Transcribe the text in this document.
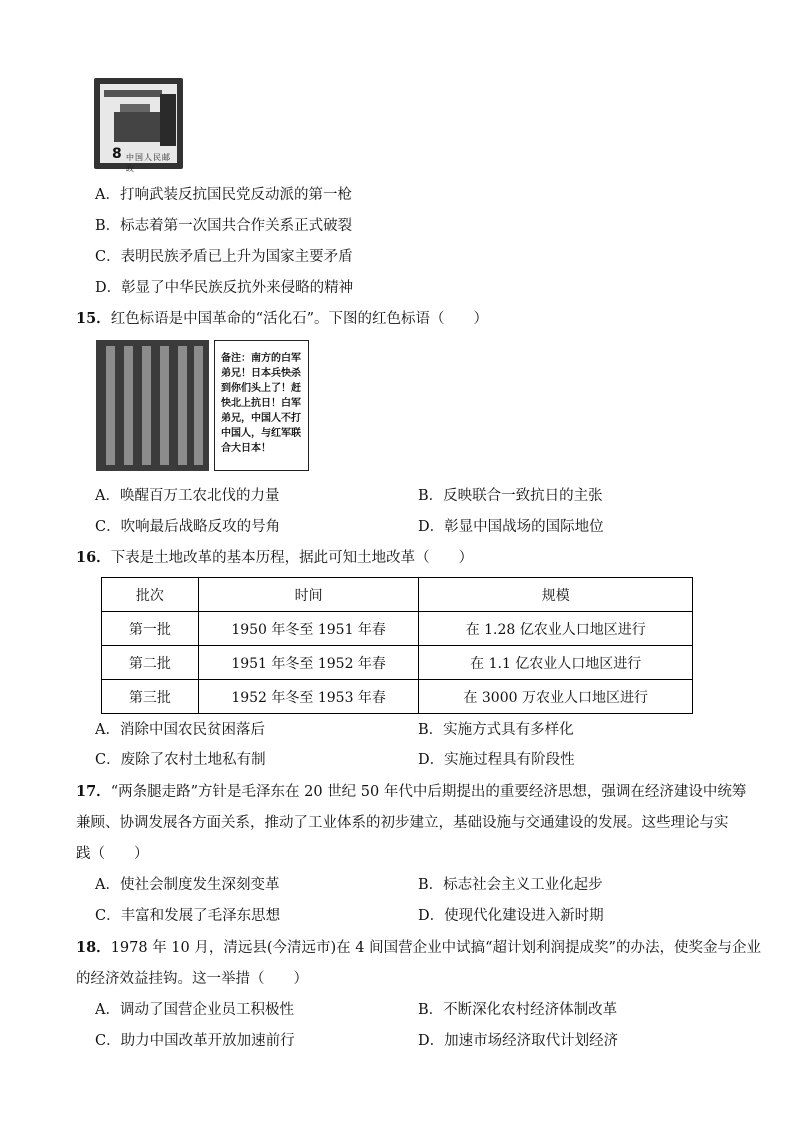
8 中国人民邮政
A．打响武装反抗国民党反动派的第一枪
B．标志着第一次国共合作关系正式破裂
C．表明民族矛盾已上升为国家主要矛盾
D．彰显了中华民族反抗外来侵略的精神
15．红色标语是中国革命的“活化石”。下图的红色标语（　　）
备注：南方的白军弟兄！日本兵快杀到你们头上了！赶快北上抗日！白军弟兄，中国人不打中国人，与红军联合大日本！
A．唤醒百万工农北伐的力量	B．反映联合一致抗日的主张
C．吹响最后战略反攻的号角	D．彰显中国战场的国际地位
16．下表是土地改革的基本历程，据此可知土地改革（　　）
批次	时间	规模
第一批	1950 年冬至 1951 年春	在 1.28 亿农业人口地区进行
第二批	1951 年冬至 1952 年春	在 1.1 亿农业人口地区进行
第三批	1952 年冬至 1953 年春	在 3000 万农业人口地区进行
A．消除中国农民贫困落后	B．实施方式具有多样化
C．废除了农村土地私有制	D．实施过程具有阶段性
17．“两条腿走路”方针是毛泽东在 20 世纪 50 年代中后期提出的重要经济思想，强调在经济建设中统筹
兼顾、协调发展各方面关系，推动了工业体系的初步建立，基础设施与交通建设的发展。这些理论与实
践（　　）
A．使社会制度发生深刻变革	B．标志社会主义工业化起步
C．丰富和发展了毛泽东思想	D．使现代化建设进入新时期
18．1978 年 10 月，清远县(今清远市)在 4 间国营企业中试搞“超计划利润提成奖”的办法，使奖金与企业
的经济效益挂钩。这一举措（　　）
A．调动了国营企业员工积极性	B．不断深化农村经济体制改革
C．助力中国改革开放加速前行	D．加速市场经济取代计划经济
